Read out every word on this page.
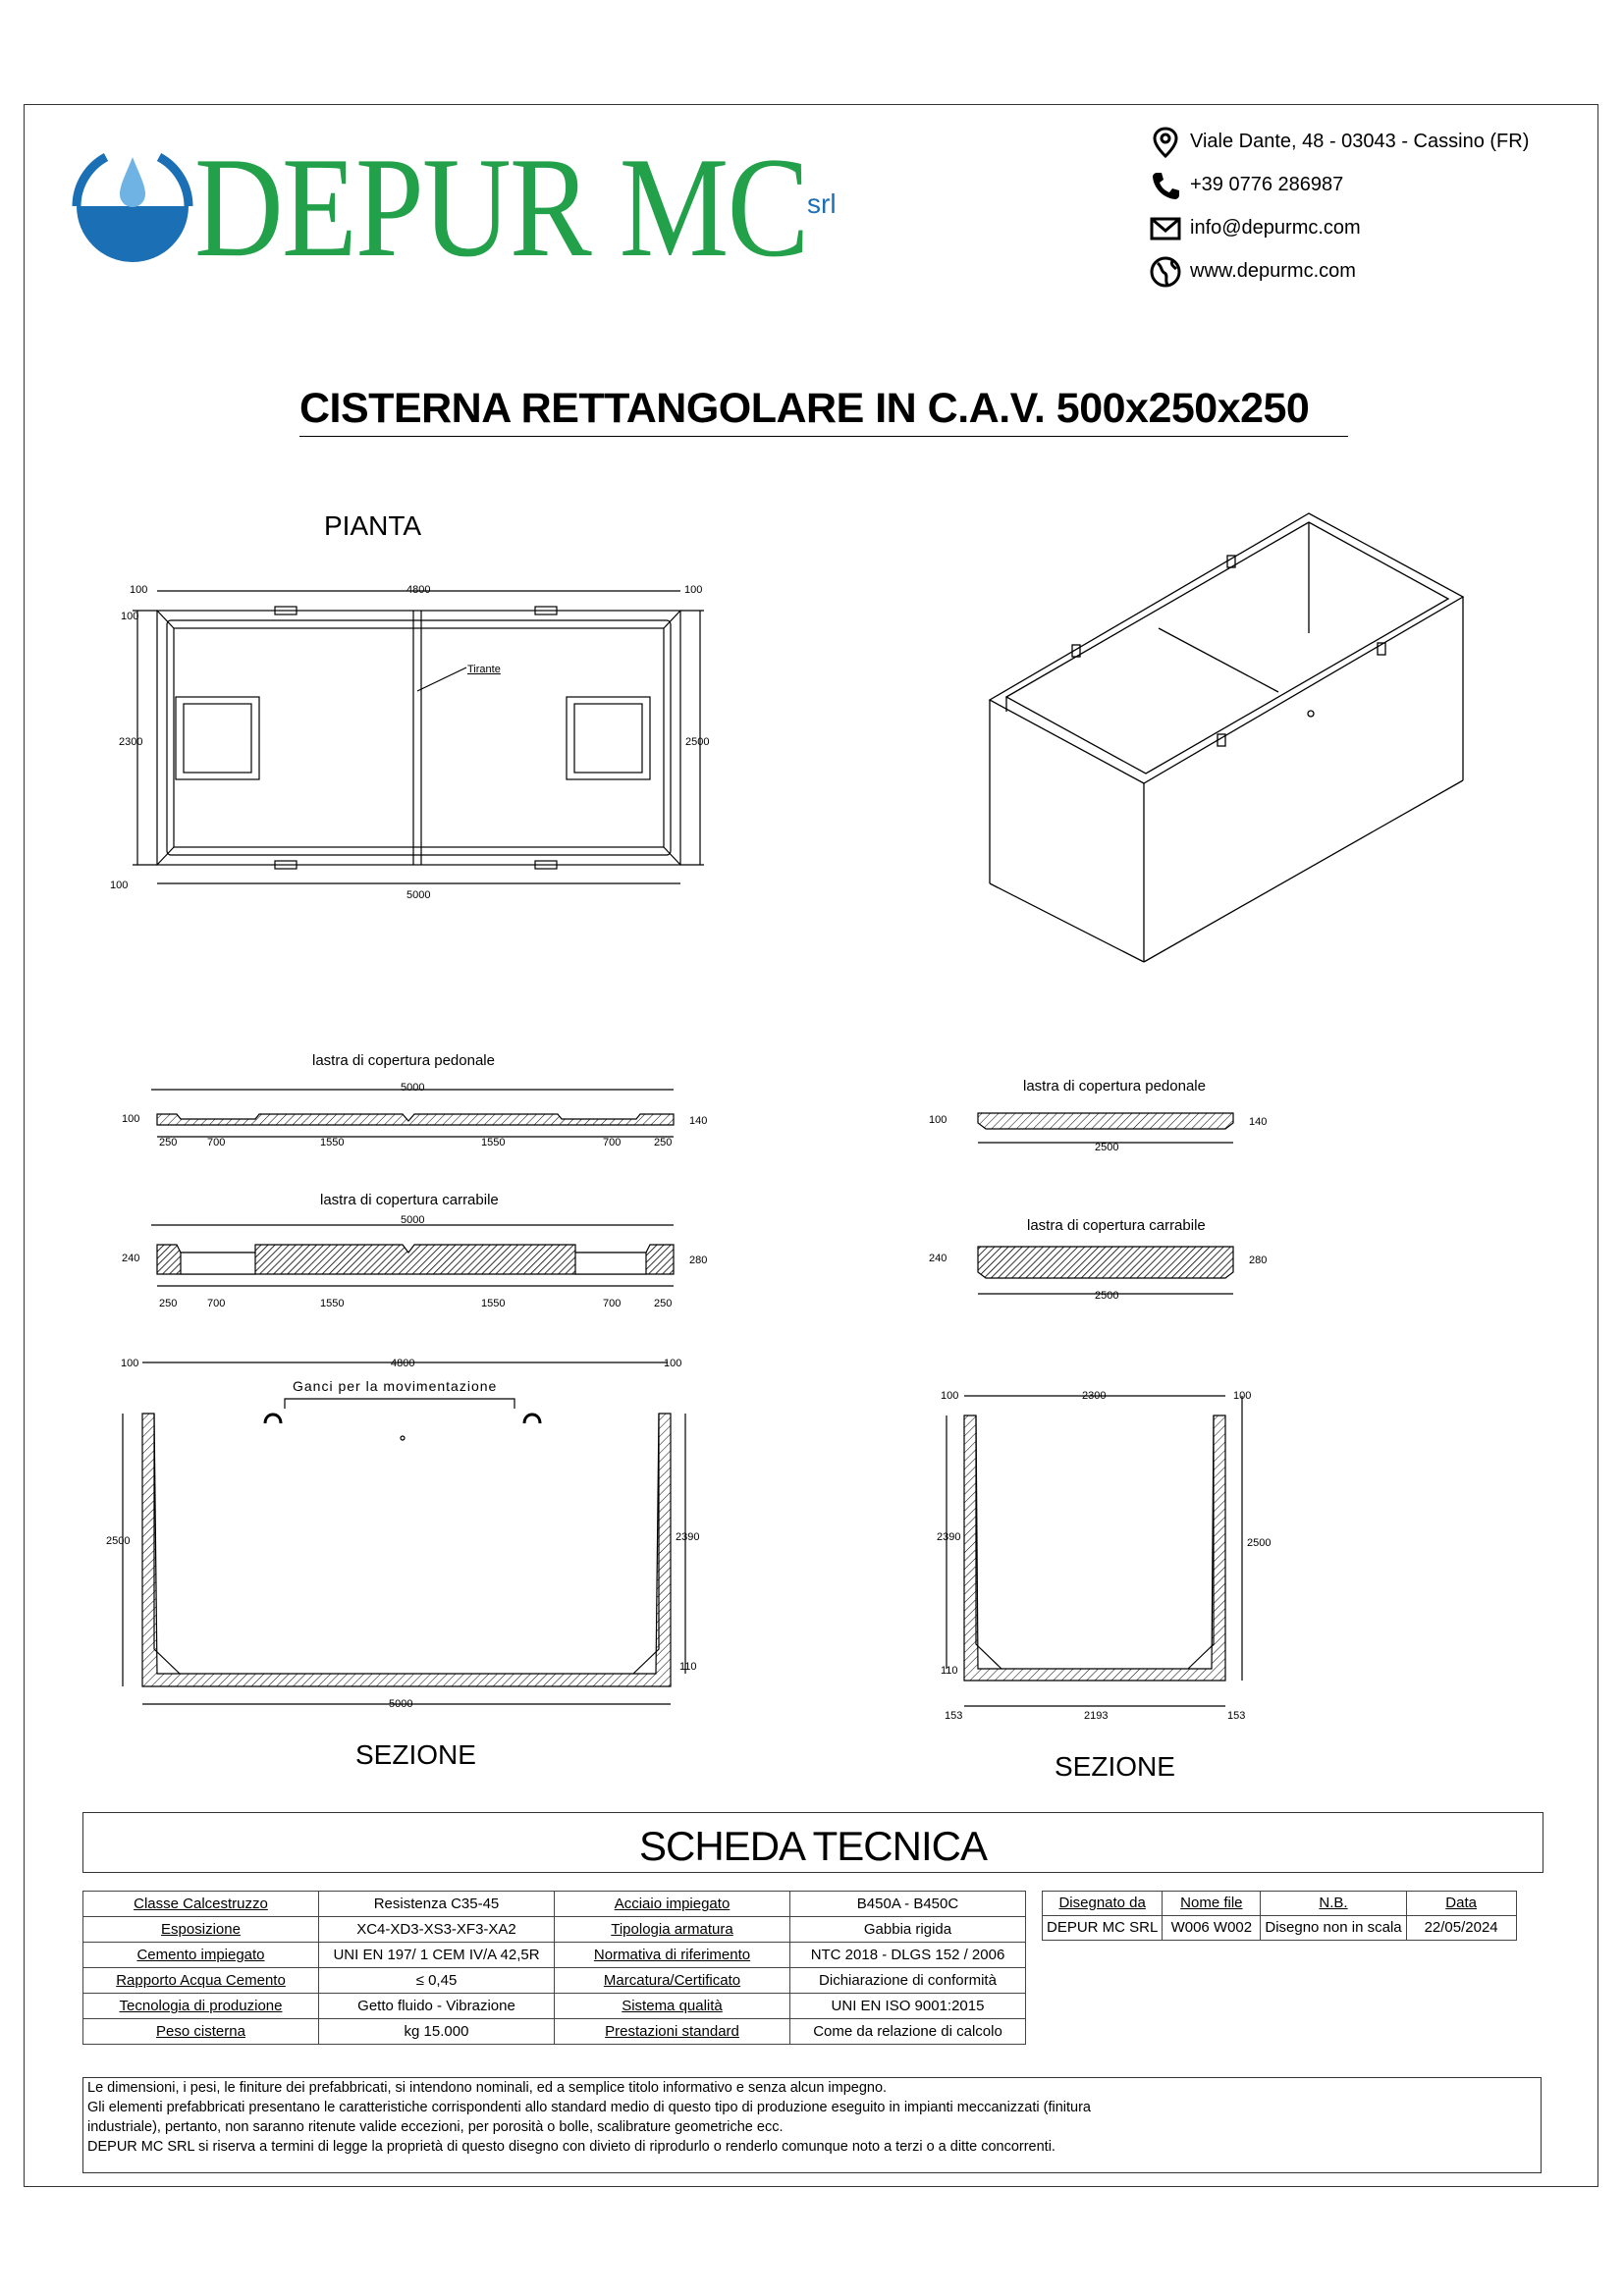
DEPUR MC srl
Viale Dante, 48 - 03043 - Cassino (FR)
+39 0776 286987
info@depurmc.com
www.depurmc.com
CISTERNA RETTANGOLARE IN C.A.V. 500x250x250
PIANTA
100	4800	100
100
2300	2500
100
5000
Tirante
lastra di copertura pedonale
5000
100	140
250	700	1550	1550	700	250
lastra di copertura carrabile
5000
240	280
250	700	1550	1550	700	250
lastra di copertura pedonale
100	140
2500
lastra di copertura carrabile
240	280
2500
100	4800	100
Ganci per la movimentazione
2500	2390
110
5000
SEZIONE
100	2300	100
2390	2500
110
153	2193	153
SEZIONE
SCHEDA TECNICA
Classe Calcestruzzo	Resistenza C35-45	Acciaio impiegato	B450A - B450C
Esposizione	XC4-XD3-XS3-XF3-XA2	Tipologia armatura	Gabbia rigida
Cemento impiegato	UNI EN 197/ 1 CEM IV/A 42,5R	Normativa di riferimento	NTC 2018 - DLGS 152 / 2006
Rapporto Acqua Cemento	≤ 0,45	Marcatura/Certificato	Dichiarazione di conformità
Tecnologia di produzione	Getto fluido - Vibrazione	Sistema qualità	UNI EN ISO 9001:2015
Peso cisterna	kg 15.000	Prestazioni standard	Come da relazione di calcolo
Disegnato da	Nome file	N.B.	Data
DEPUR MC SRL	W006 W002	Disegno non in scala	22/05/2024
Le dimensioni, i pesi, le finiture dei prefabbricati, si intendono nominali, ed a semplice titolo informativo e senza alcun impegno.
Gli elementi prefabbricati presentano le caratteristiche corrispondenti allo standard medio di questo tipo di produzione eseguito in impianti meccanizzati (finitura
industriale), pertanto, non saranno ritenute valide eccezioni, per porosità o bolle, scalibrature geometriche ecc.
DEPUR MC SRL si riserva a termini di legge la proprietà di questo disegno con divieto di riprodurlo o renderlo comunque noto a terzi o a ditte concorrenti.
